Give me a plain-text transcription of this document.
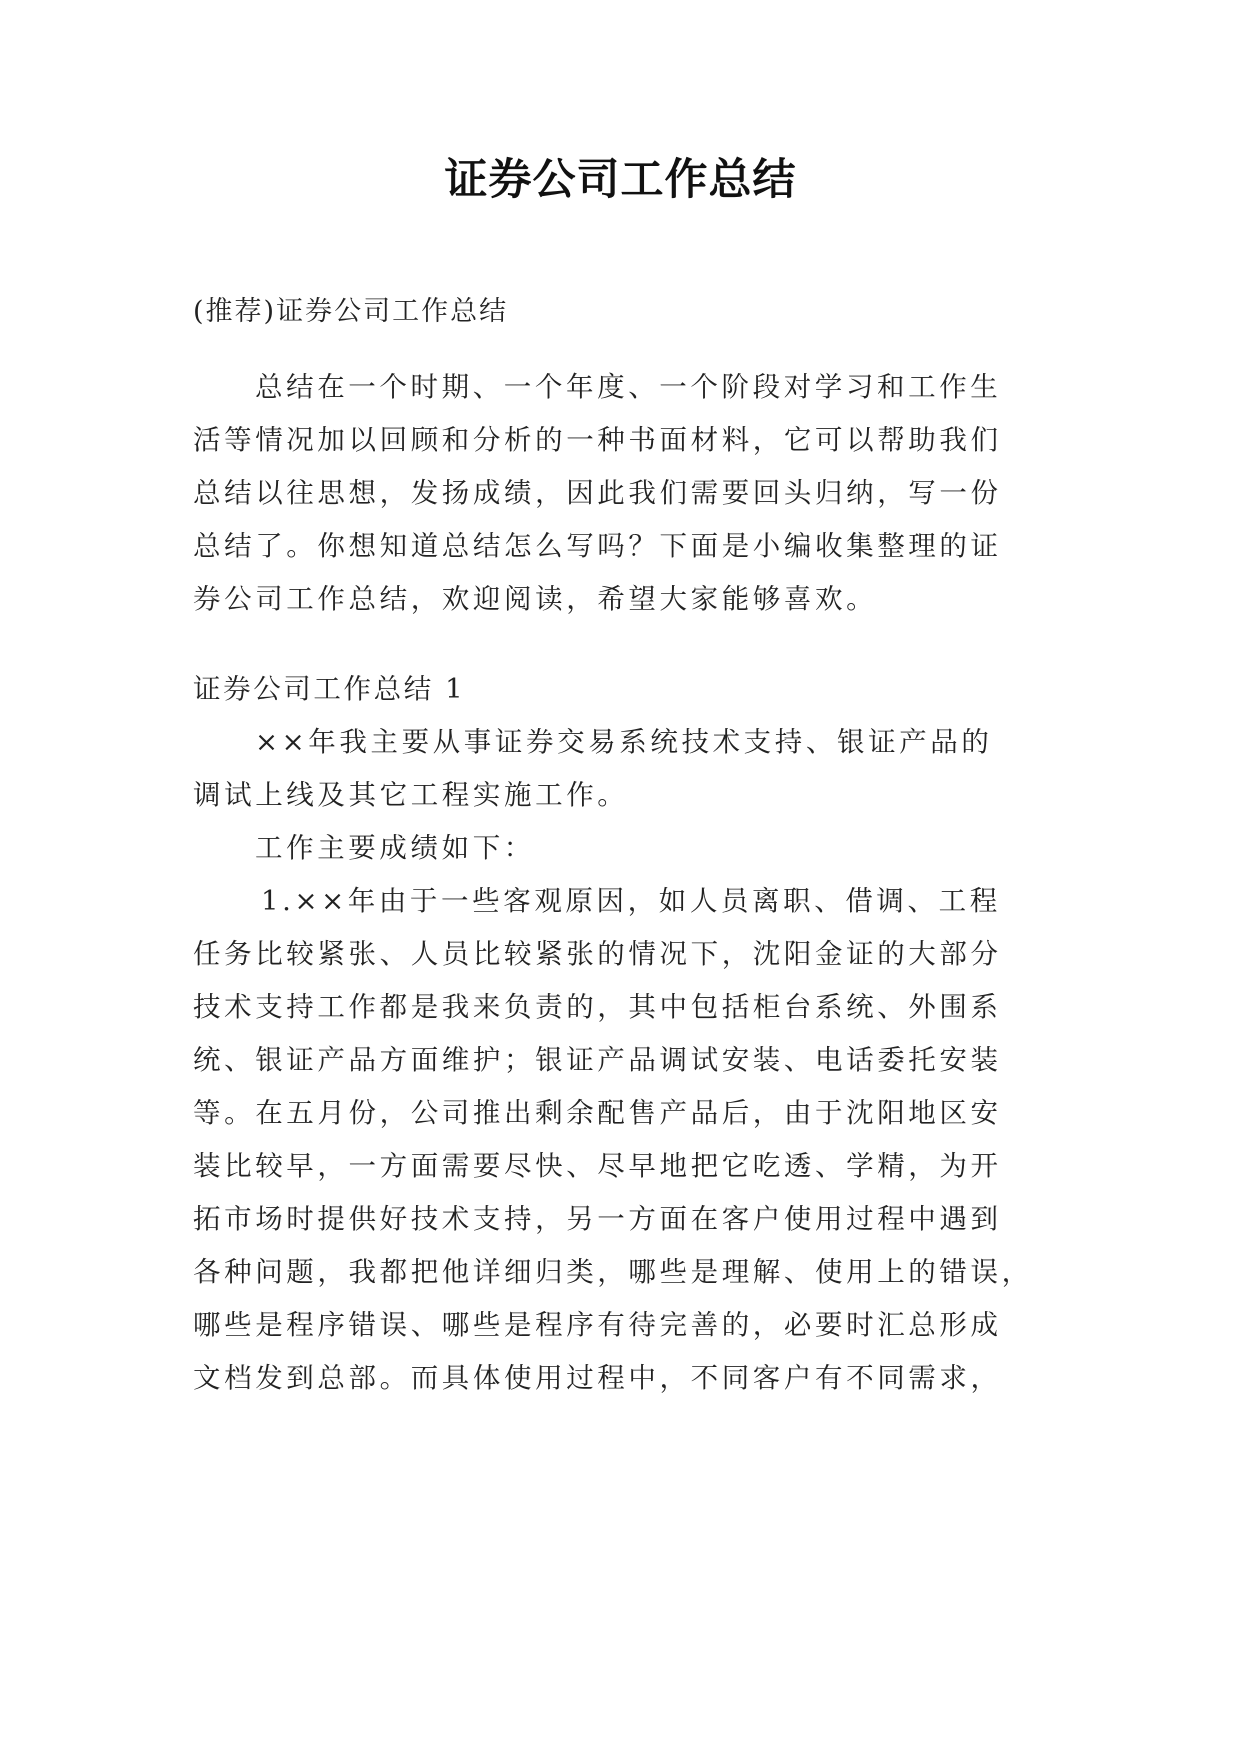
证券公司工作总结
(推荐)证券公司工作总结
总结在一个时期、一个年度、一个阶段对学习和工作生
活等情况加以回顾和分析的一种书面材料，它可以帮助我们
总结以往思想，发扬成绩，因此我们需要回头归纳，写一份
总结了。你想知道总结怎么写吗？下面是小编收集整理的证
券公司工作总结，欢迎阅读，希望大家能够喜欢。
证券公司工作总结 1
××年我主要从事证券交易系统技术支持、银证产品的
调试上线及其它工程实施工作。
工作主要成绩如下：
1.××年由于一些客观原因，如人员离职、借调、工程
任务比较紧张、人员比较紧张的情况下，沈阳金证的大部分
技术支持工作都是我来负责的，其中包括柜台系统、外围系
统、银证产品方面维护；银证产品调试安装、电话委托安装
等。在五月份，公司推出剩余配售产品后，由于沈阳地区安
装比较早，一方面需要尽快、尽早地把它吃透、学精，为开
拓市场时提供好技术支持，另一方面在客户使用过程中遇到
各种问题，我都把他详细归类，哪些是理解、使用上的错误，
哪些是程序错误、哪些是程序有待完善的，必要时汇总形成
文档发到总部。而具体使用过程中，不同客户有不同需求，
